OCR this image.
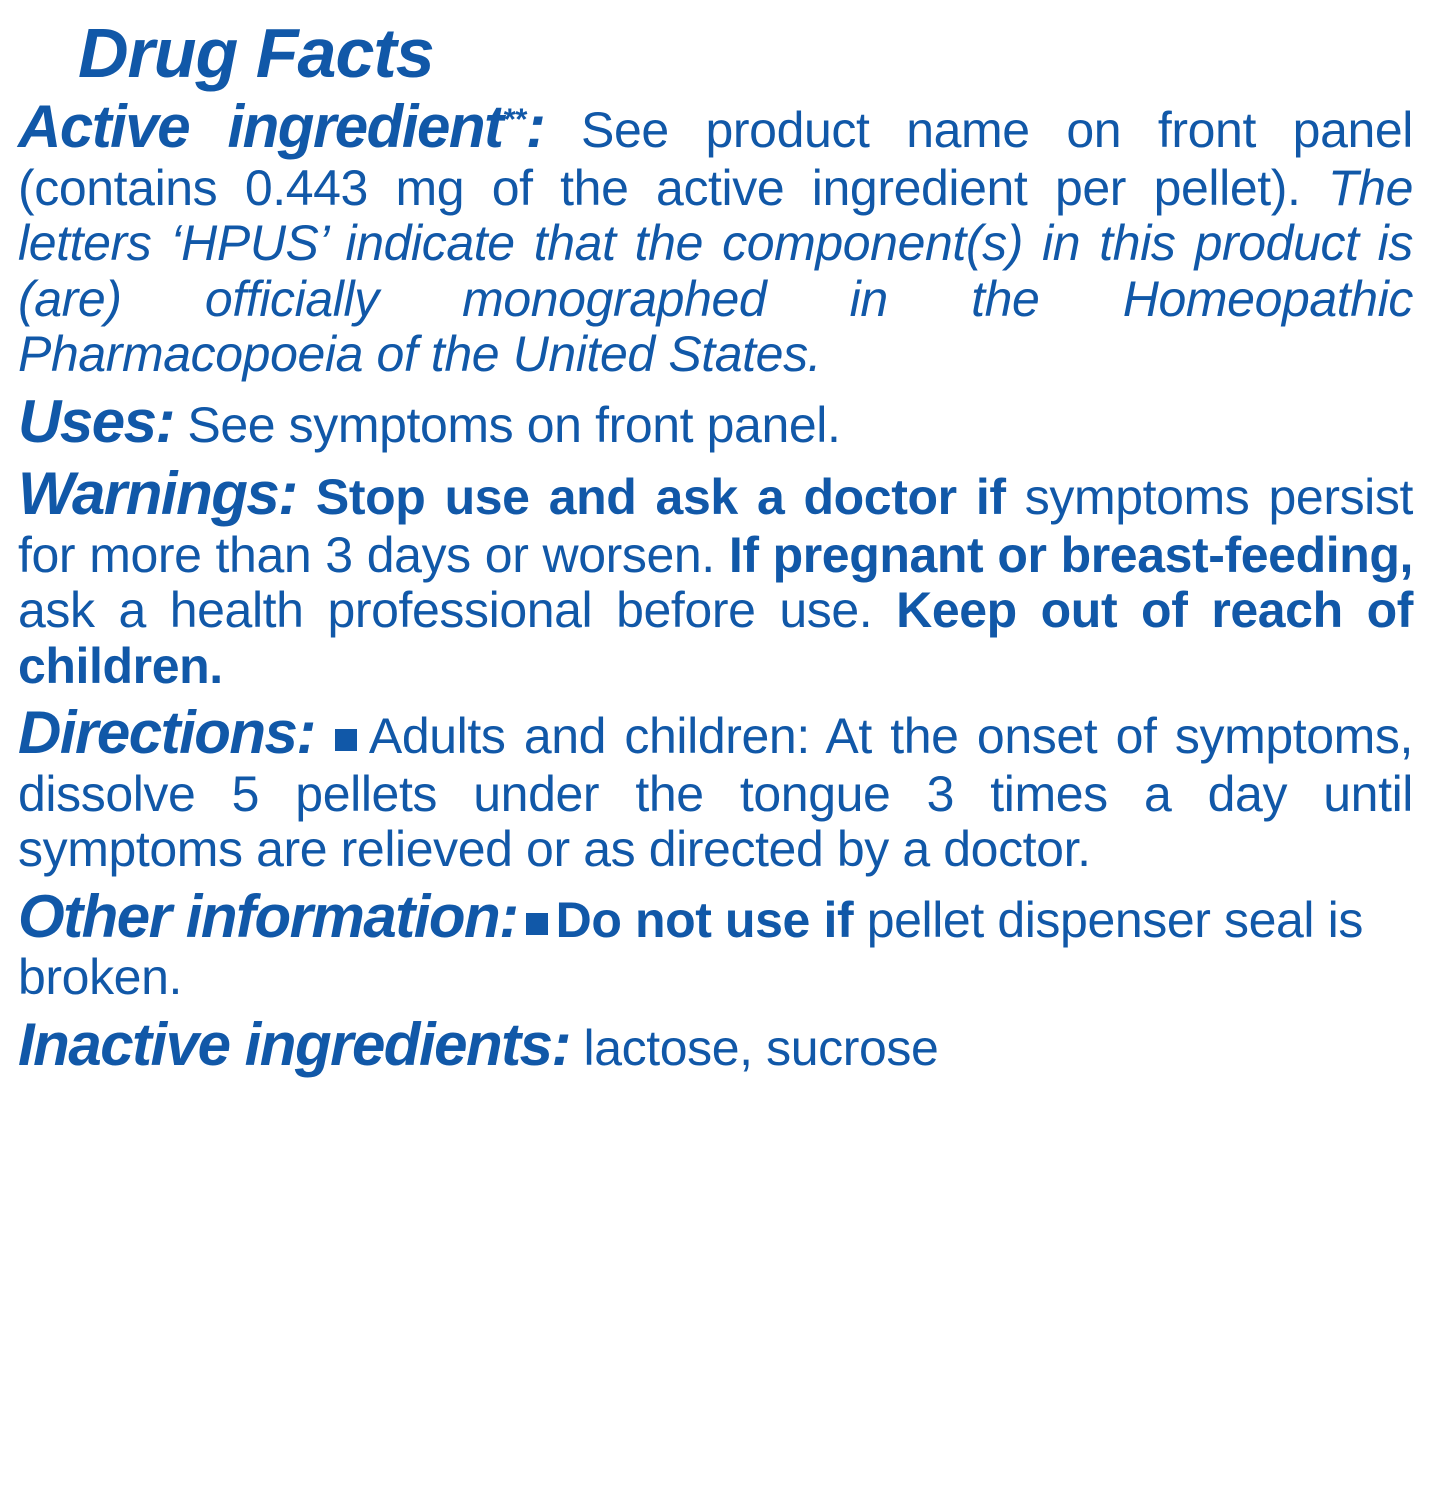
Drug Facts

Active ingredient**: See product name on front panel (contains 0.443 mg of the active ingredient per pellet). The letters ‘HPUS’ indicate that the component(s) in this product is (are) officially monographed in the Homeopathic Pharmacopoeia of the United States.

Uses: See symptoms on front panel.

Warnings: Stop use and ask a doctor if symptoms persist for more than 3 days or worsen. If pregnant or breast-feeding, ask a health professional before use. Keep out of reach of children.

Directions: Adults and children: At the onset of symptoms, dissolve 5 pellets under the tongue 3 times a day until symptoms are relieved or as directed by a doctor.

Other information: Do not use if pellet dispenser seal is broken.

Inactive ingredients: lactose, sucrose
